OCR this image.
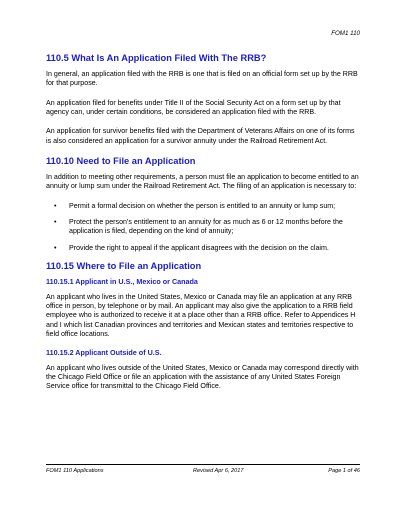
FOM1 110
110.5 What Is An Application Filed With The RRB?

In general, an application filed with the RRB is one that is filed on an official form set up by the RRB for that purpose.

An application filed for benefits under Title II of the Social Security Act on a form set up by that agency can, under certain conditions, be considered an application filed with the RRB.

An application for survivor benefits filed with the Department of Veterans Affairs on one of its forms is also considered an application for a survivor annuity under the Railroad Retirement Act.

110.10 Need to File an Application

In addition to meeting other requirements, a person must file an application to become entitled to an annuity or lump sum under the Railroad Retirement Act. The filing of an application is necessary to:

• Permit a formal decision on whether the person is entitled to an annuity or lump sum;
• Protect the person's entitlement to an annuity for as much as 6 or 12 months before the application is filed, depending on the kind of annuity;
• Provide the right to appeal if the applicant disagrees with the decision on the claim.
110.15 Where to File an Application
110.15.1 Applicant in U.S., Mexico or Canada

An applicant who lives in the United States, Mexico or Canada may file an application at any RRB office in person, by telephone or by mail. An applicant may also give the application to a RRB field employee who is authorized to receive it at a place other than a RRB office. Refer to Appendices H and I which list Canadian provinces and territories and Mexican states and territories respective to field office locations.

110.15.2 Applicant Outside of U.S.

An applicant who lives outside of the United States, Mexico or Canada may correspond directly with the Chicago Field Office or file an application with the assistance of any United States Foreign Service office for transmittal to the Chicago Field Office.

FOM1 110 Applications	Revised Apr 6, 2017	Page 1 of 46
